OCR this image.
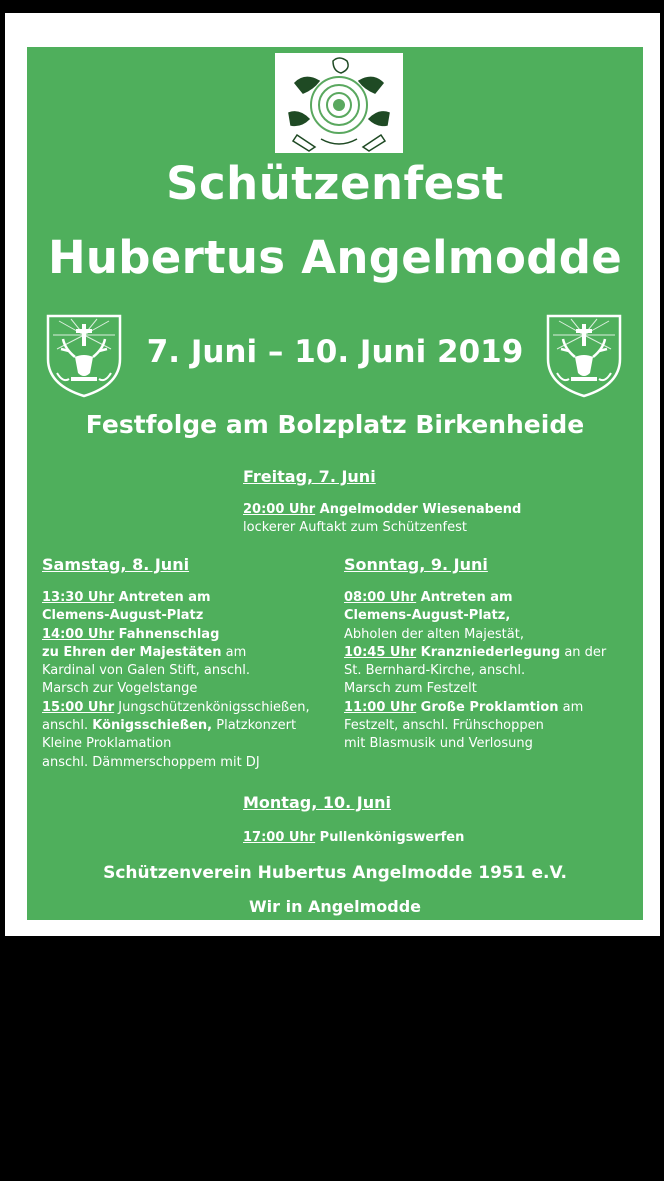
Schützenfest
Hubertus Angelmodde
7. Juni – 10. Juni 2019
Festfolge am Bolzplatz Birkenheide
Freitag, 7. Juni
20:00 Uhr Angelmodder Wiesenabend
lockerer Auftakt zum Schützenfest
Samstag, 8. Juni
13:30 Uhr Antreten am
Clemens-August-Platz
14:00 Uhr Fahnenschlag
zu Ehren der Majestäten am
Kardinal von Galen Stift, anschl.
Marsch zur Vogelstange
15:00 Uhr Jungschützenkönigsschießen,
anschl. Königsschießen, Platzkonzert
Kleine Proklamation
anschl. Dämmerschoppem mit DJ
Sonntag, 9. Juni
08:00 Uhr Antreten am
Clemens-August-Platz,
Abholen der alten Majestät,
10:45 Uhr Kranzniederlegung an der
St. Bernhard-Kirche, anschl.
Marsch zum Festzelt
11:00 Uhr Große Proklamtion am
Festzelt, anschl. Frühschoppen
mit Blasmusik und Verlosung
Montag, 10. Juni
17:00 Uhr Pullenkönigswerfen
Schützenverein Hubertus Angelmodde 1951 e.V.
Wir in Angelmodde
